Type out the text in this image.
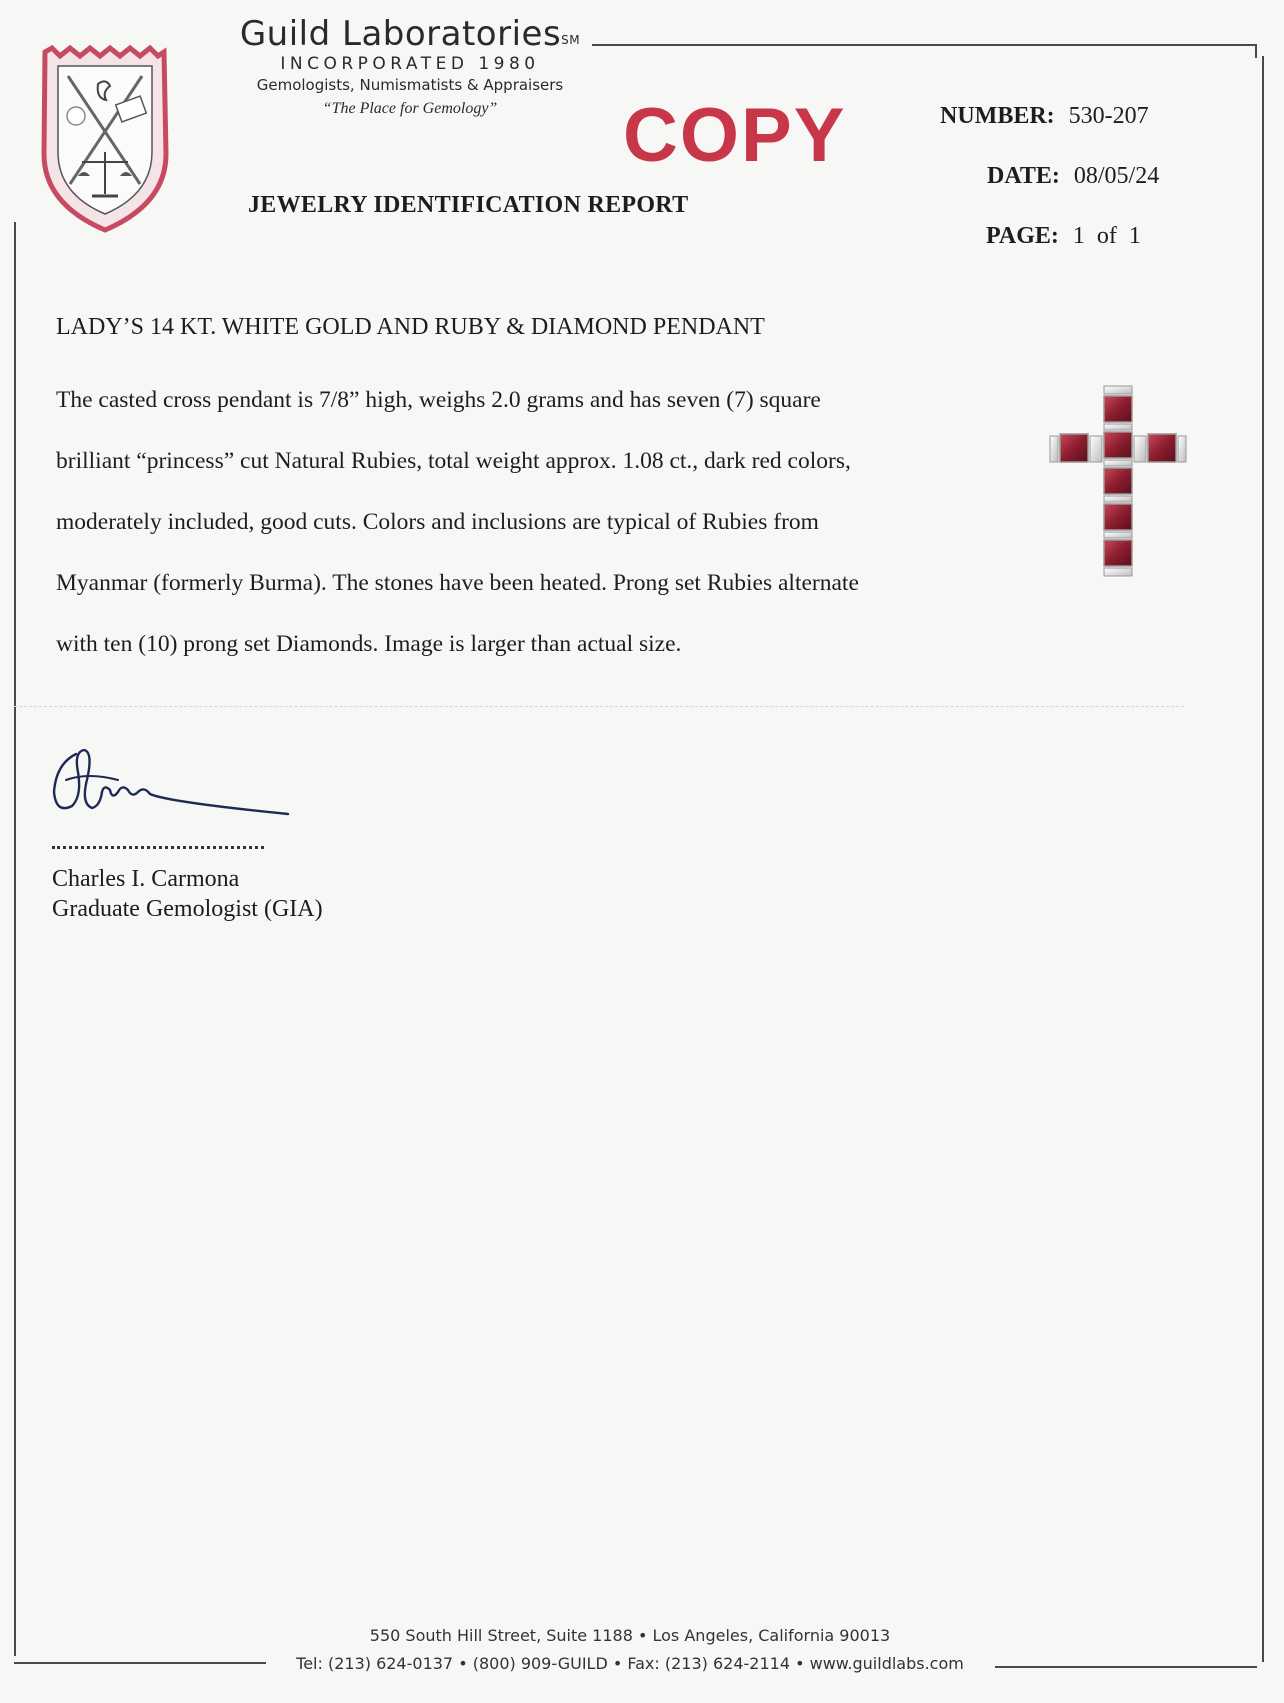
Guild Laboratories℠
INCORPORATED 1980
Gemologists, Numismatists & Appraisers
“The Place for Gemology”	COPY
JEWELRY IDENTIFICATION REPORT
NUMBER: 530-207
DATE: 08/05/24
PAGE: 1  of  1
LADY’S 14 KT. WHITE GOLD AND RUBY & DIAMOND PENDANT

The casted cross pendant is 7/8” high, weighs 2.0 grams and has seven (7) square

brilliant “princess” cut Natural Rubies, total weight approx. 1.08 ct., dark red colors,

moderately included, good cuts. Colors and inclusions are typical of Rubies from

Myanmar (formerly Burma). The stones have been heated. Prong set Rubies alternate

with ten (10) prong set Diamonds. Image is larger than actual size.

Charles I. Carmona
Graduate Gemologist (GIA)
550 South Hill Street, Suite 1188 • Los Angeles, California 90013
Tel: (213) 624-0137 • (800) 909-GUILD • Fax: (213) 624-2114 • www.guildlabs.com
